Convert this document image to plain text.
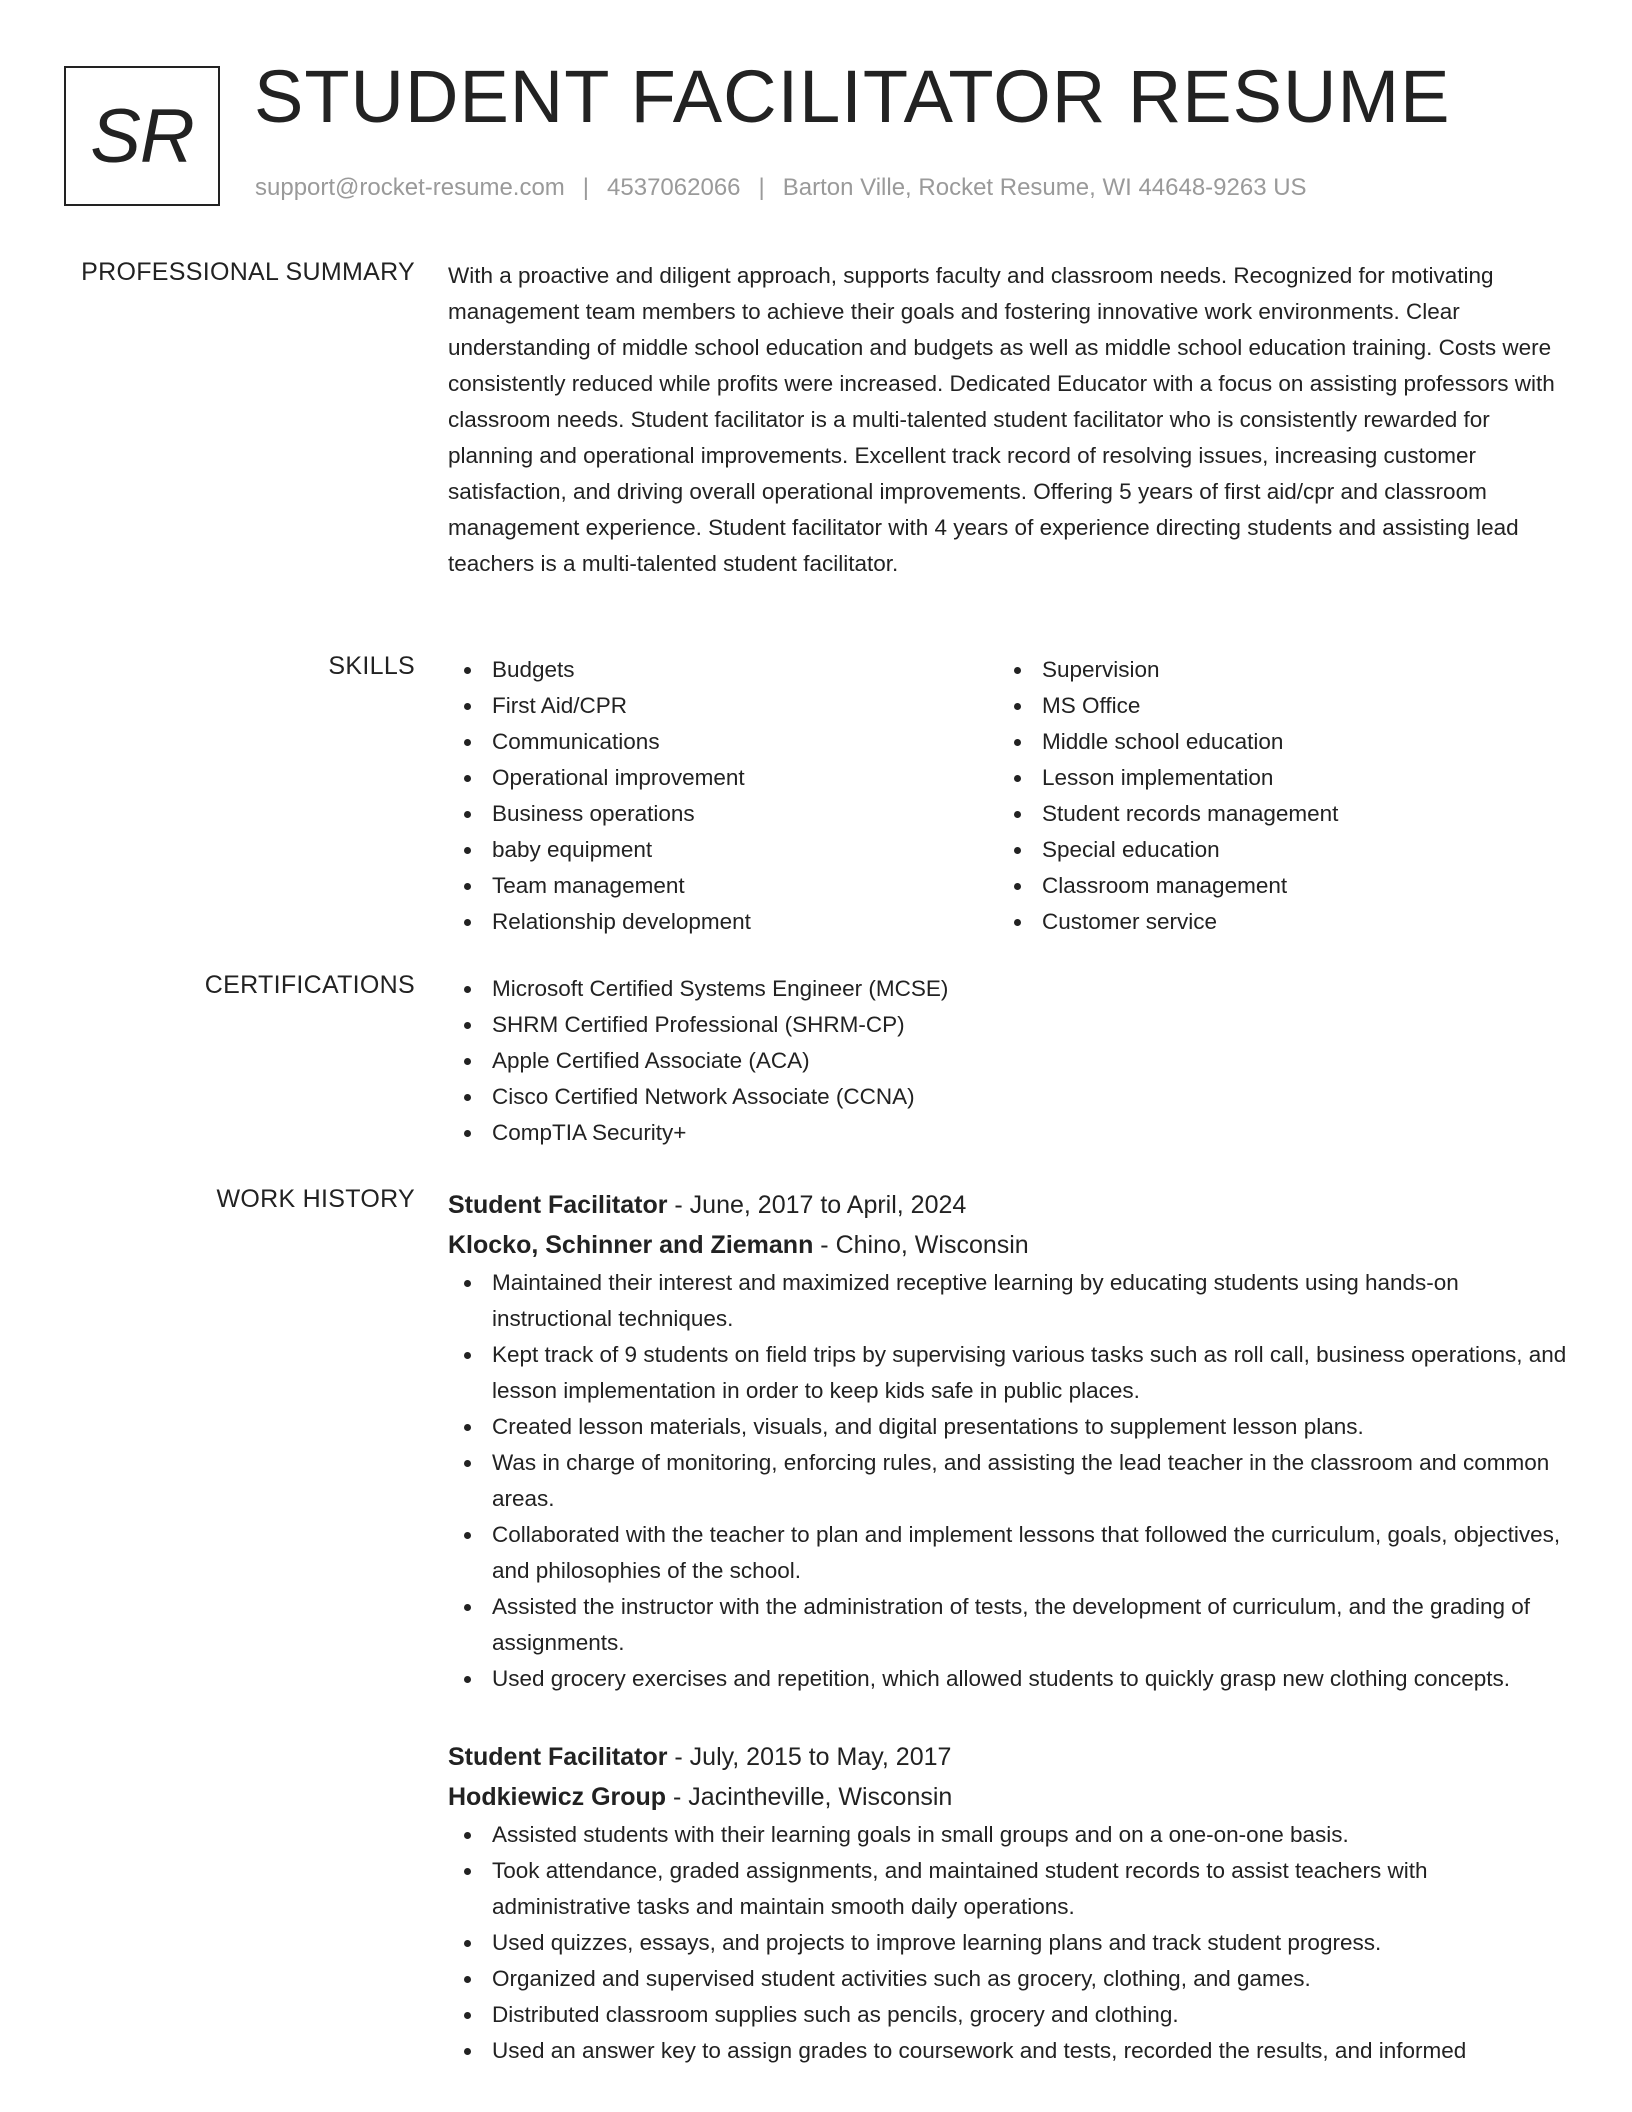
SR STUDENT FACILITATOR RESUME
support@rocket-resume.com | 4537062066 | Barton Ville, Rocket Resume, WI 44648-9263 US
PROFESSIONAL SUMMARY With a proactive and diligent approach, supports faculty and classroom needs. Recognized for motivating management team members to achieve their goals and fostering innovative work environments. Clear understanding of middle school education and budgets as well as middle school education training. Costs were consistently reduced while profits were increased. Dedicated Educator with a focus on assisting professors with classroom needs. Student facilitator is a multi-talented student facilitator who is consistently rewarded for planning and operational improvements. Excellent track record of resolving issues, increasing customer satisfaction, and driving overall operational improvements. Offering 5 years of first aid/cpr and classroom management experience. Student facilitator with 4 years of experience directing students and assisting lead teachers is a multi-talented student facilitator.

SKILLS	Budgets
First Aid/CPR
Communications
Operational improvement
Business operations
baby equipment
Team management
Relationship development
Supervision
MS Office
Middle school education
Lesson implementation
Student records management
Special education
Classroom management
Customer service
CERTIFICATIONS	Microsoft Certified Systems Engineer (MCSE)
SHRM Certified Professional (SHRM-CP)
Apple Certified Associate (ACA)
Cisco Certified Network Associate (CCNA)
CompTIA Security+
WORK HISTORY Student Facilitator - June, 2017 to April, 2024
Klocko, Schinner and Ziemann - Chino, Wisconsin
Maintained their interest and maximized receptive learning by educating students using hands-on instructional techniques.
Kept track of 9 students on field trips by supervising various tasks such as roll call, business operations, and lesson implementation in order to keep kids safe in public places.
Created lesson materials, visuals, and digital presentations to supplement lesson plans.
Was in charge of monitoring, enforcing rules, and assisting the lead teacher in the classroom and common areas.
Collaborated with the teacher to plan and implement lessons that followed the curriculum, goals, objectives, and philosophies of the school.
Assisted the instructor with the administration of tests, the development of curriculum, and the grading of assignments.
Used grocery exercises and repetition, which allowed students to quickly grasp new clothing concepts.
Student Facilitator - July, 2015 to May, 2017
Hodkiewicz Group - Jacintheville, Wisconsin
Assisted students with their learning goals in small groups and on a one-on-one basis.
Took attendance, graded assignments, and maintained student records to assist teachers with administrative tasks and maintain smooth daily operations.
Used quizzes, essays, and projects to improve learning plans and track student progress.
Organized and supervised student activities such as grocery, clothing, and games.
Distributed classroom supplies such as pencils, grocery and clothing.
Used an answer key to assign grades to coursework and tests, recorded the results, and informed
